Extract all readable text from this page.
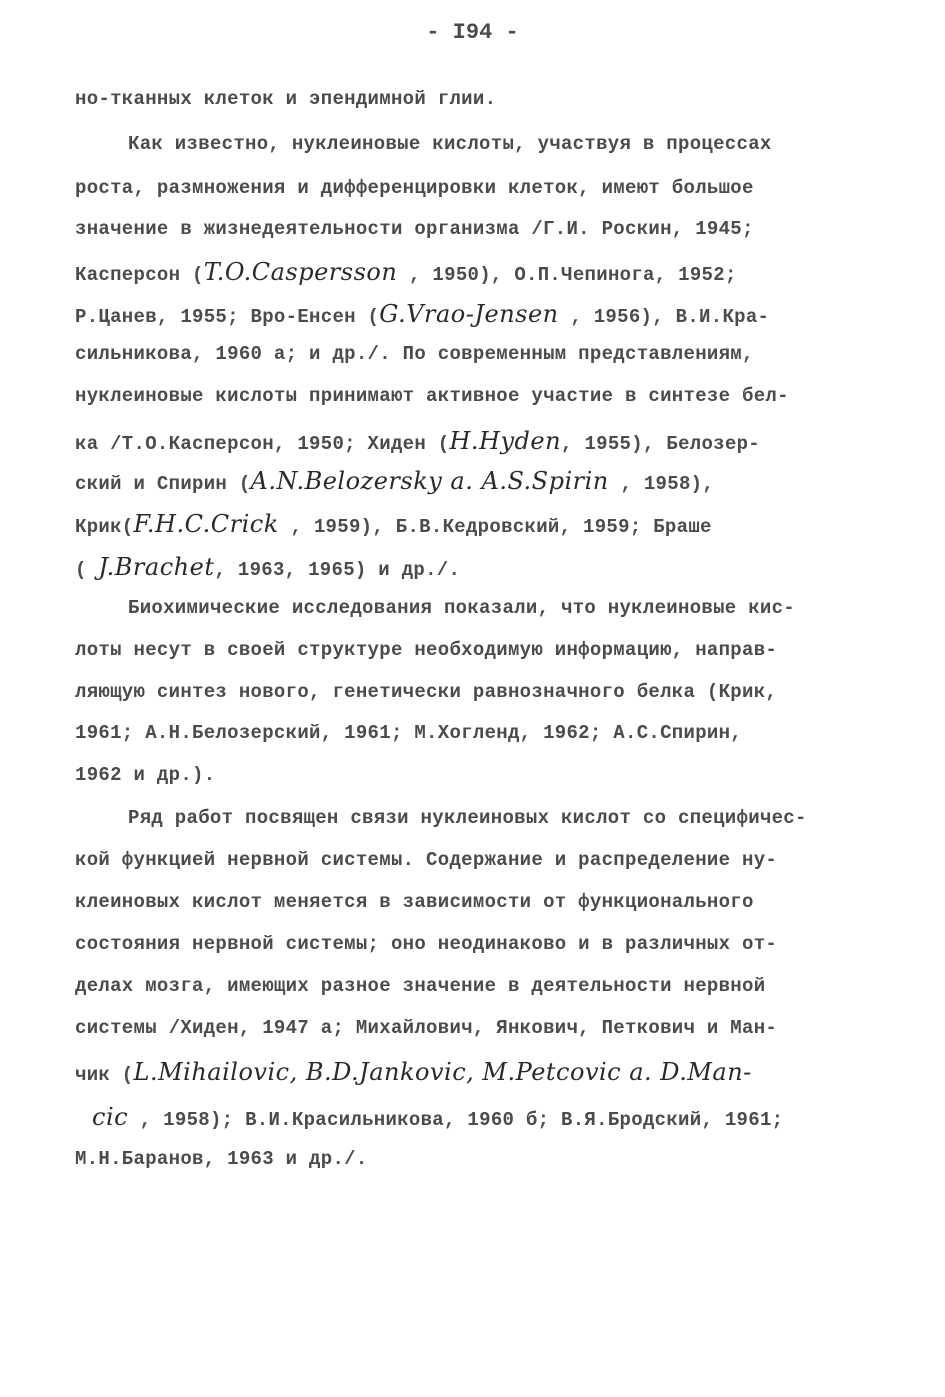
- I94 -
но-тканных клеток и эпендимной глии.
Как известно, нуклеиновые кислоты, участвуя в процессах
роста, размножения и дифференцировки клеток, имеют большое
значение в жизнедеятельности организма /Г.И. Роскин, 1945;
Касперсон (T.O.Caspersson , 1950), О.П.Чепинога, 1952;
Р.Цанев, 1955; Вро-Енсен (G.Vrao-Jensen , 1956), В.И.Кра-
сильникова, 1960 а; и др./. По современным представлениям,
нуклеиновые кислоты принимают активное участие в синтезе бел-
ка /Т.О.Касперсон, 1950; Хиден (H.Hyden, 1955), Белозер-
ский и Спирин (A.N.Belozersky a. A.S.Spirin , 1958),
Крик(F.H.C.Crick , 1959), Б.В.Кедровский, 1959; Браше
( J.Brachet, 1963, 1965) и др./.
Биохимические исследования показали, что нуклеиновые кис-
лоты несут в своей структуре необходимую информацию, направ-
ляющую синтез нового, генетически равнозначного белка (Крик,
1961; А.Н.Белозерский, 1961; М.Хогленд, 1962; А.С.Спирин,
1962 и др.).
Ряд работ посвящен связи нуклеиновых кислот со специфичес-
кой функцией нервной системы. Содержание и распределение ну-
клеиновых кислот меняется в зависимости от функционального
состояния нервной системы; оно неодинаково и в различных от-
делах мозга, имеющих разное значение в деятельности нервной
системы /Хиден, 1947 а; Михайлович, Янкович, Петкович и Ман-
чик (L.Mihailovic, B.D.Jankovic, M.Petcovic a. D.Man-
cic , 1958); В.И.Красильникова, 1960 б; В.Я.Бродский, 1961;
М.Н.Баранов, 1963 и др./.
